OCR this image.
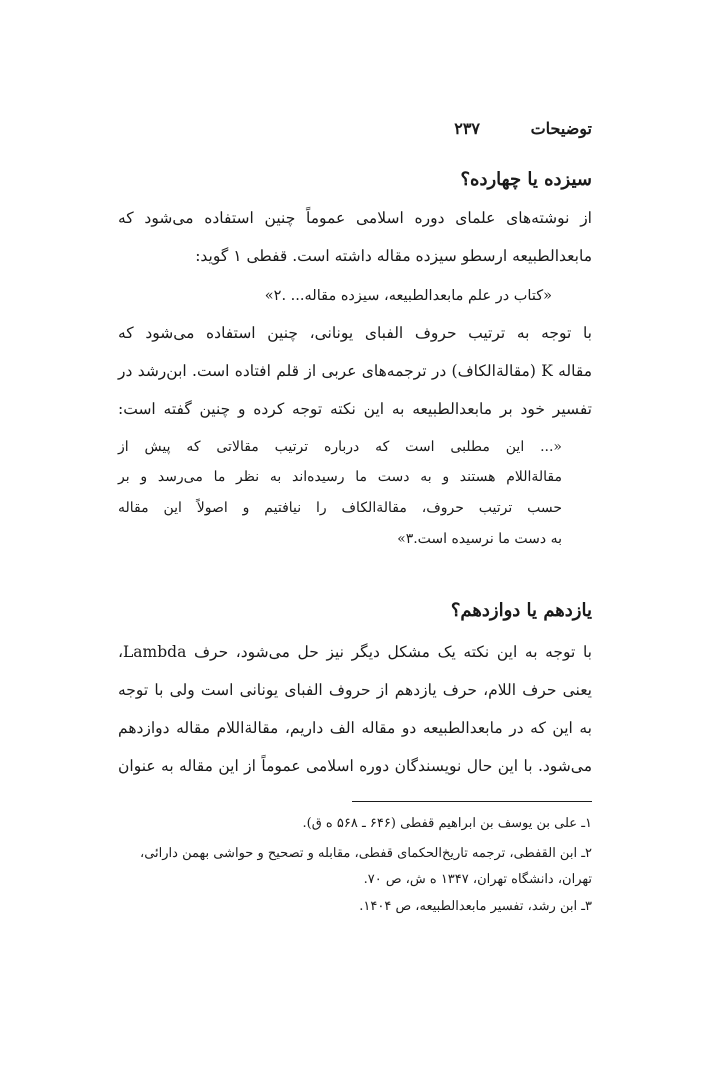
توضیحات
۲۳۷
سیزده یا چهارده؟
از نوشته‌های علمای دوره اسلامی عموماً چنین استفاده می‌شود که
مابعدالطبیعه ارسطو سیزده مقاله داشته است. قفطی ۱ گوید:
«کتاب در علم مابعدالطبیعه، سیزده مقاله... .۲»
با توجه به ترتیب حروف الفبای یونانی، چنین استفاده می‌شود که
مقاله K (مقالةالکاف) در ترجمه‌های عربی از قلم افتاده است. ابن‌رشد در
تفسیر خود بر مابعدالطبیعه به این نکته توجه کرده و چنین گفته است:
«... این مطلبی است که درباره ترتیب مقالاتی که پیش از
مقالةاللام هستند و به دست ما رسیده‌اند به نظر ما می‌رسد و بر
حسب ترتیب حروف، مقالةالکاف را نیافتیم و اصولاً این مقاله
به دست ما نرسیده است.۳»
یازدهم یا دوازدهم؟
با توجه به این نکته یک مشکل دیگر نیز حل می‌شود، حرف Lambda،
یعنی حرف اللام، حرف یازدهم از حروف الفبای یونانی است ولی با توجه
به این که در مابعدالطبیعه دو مقاله الف داریم، مقالةاللام مقاله دوازدهم
می‌شود. با این حال نویسندگان دوره اسلامی عموماً از این مقاله به عنوان
۱ـ علی بن یوسف بن ابراهیم قفطی (۶۴۶ ـ ۵۶۸ ه ق).
۲ـ ابن القفطی، ترجمه تاریخ‌الحکمای قفطی، مقابله و تصحیح و حواشی بهمن دارائی،
تهران، دانشگاه تهران، ۱۳۴۷ ه ش، ص ۷۰.
۳ـ ابن رشد، تفسیر مابعدالطبیعه، ص ۱۴۰۴.
